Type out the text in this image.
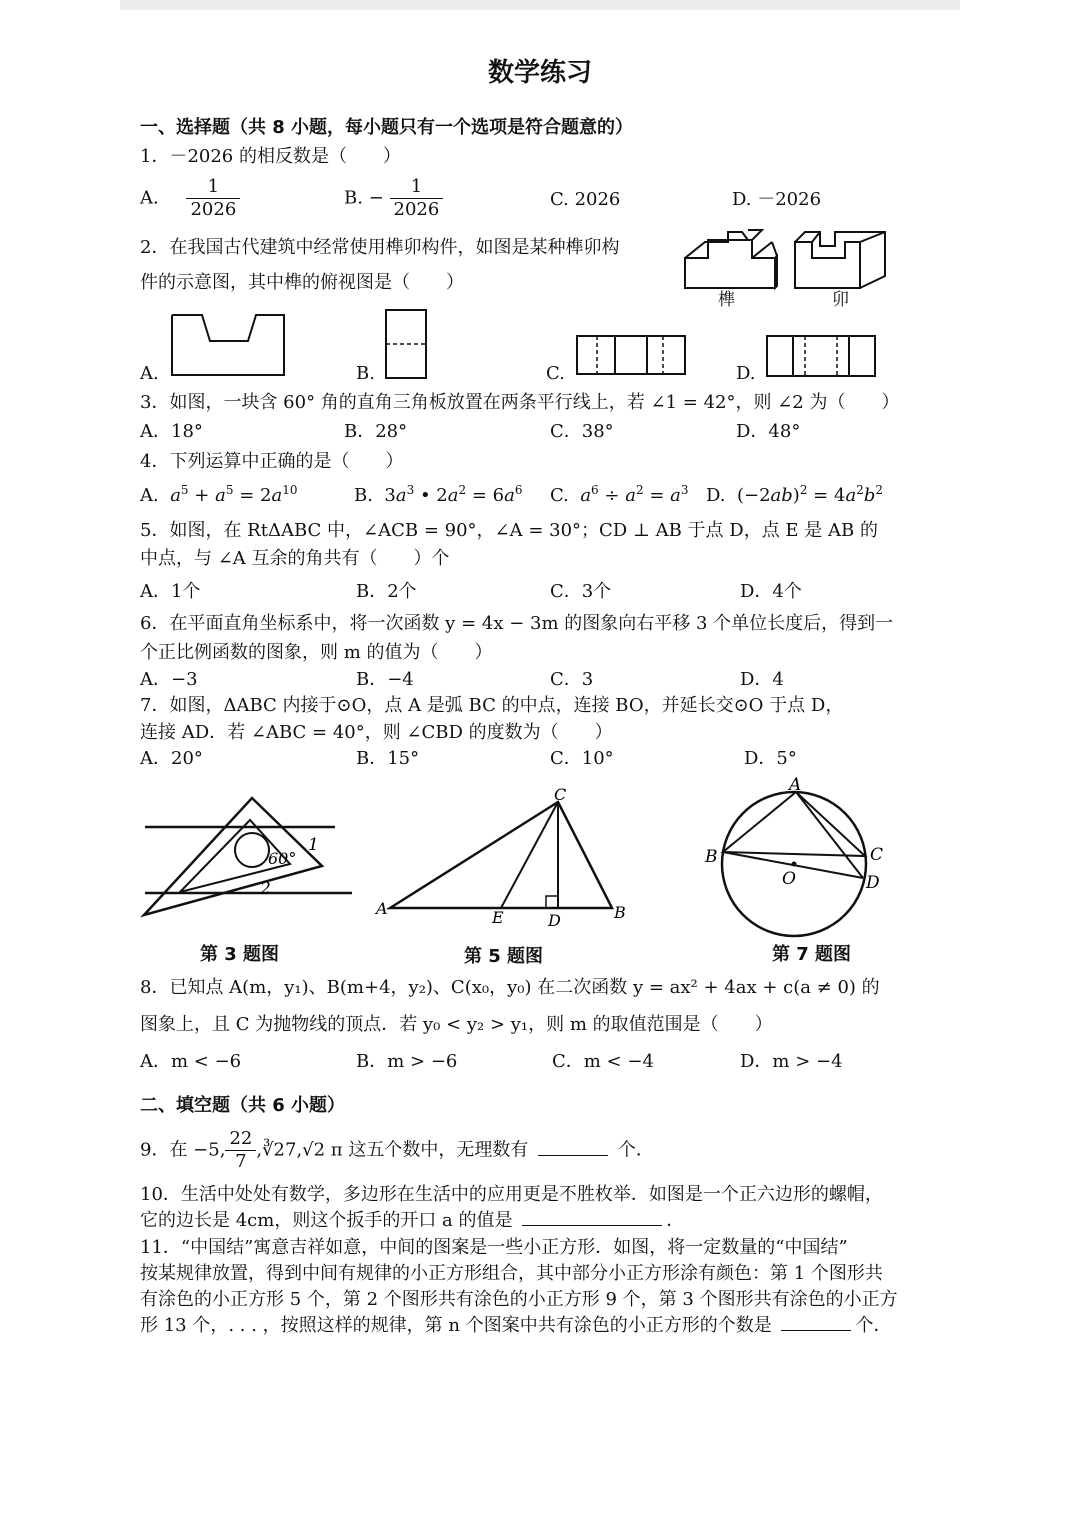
数学练习
一、选择题（共 8 小题，每小题只有一个选项是符合题意的）
1．－2026 的相反数是（　　）
A. $\frac{1}{2026}$	B. − $\frac{1}{2026}$	C. 2026	D. －2026
2．在我国古代建筑中经常使用榫卯构件，如图是某种榫卯构
件的示意图，其中榫的俯视图是（　　）
榫	卯
A.	B.	C.	D.
3．如图，一块含 60° 角的直角三角板放置在两条平行线上，若 ∠1 = 42°，则 ∠2 为（　　）
A．18°	B．28°	C．38°	D．48°
4．下列运算中正确的是（　　）
A. $a^5 + a^5 = 2a^{10}$	B.  $3a^3$ • $2a^2 = 6a^6$ C. $a^6 \div a^2 = a^3$ D.  $(-2ab)^2 = 4a^2b^2$
5．如图，在 RtΔABC 中，∠ACB = 90°，∠A = 30°；CD ⊥ AB 于点 D，点 E 是 AB 的
中点，与 ∠A 互余的角共有（　　）个
A．1个	B．2个	C．3个	D．4个
6．在平面直角坐标系中，将一次函数 y = 4x − 3m 的图象向右平移 3 个单位长度后，得到一
个正比例函数的图象，则 m 的值为（　　）
A．−3	B．−4	C．3	D．4
7．如图，ΔABC 内接于⊙O，点 A 是弧 BC 的中点，连接 BO，并延长交⊙O 于点 D，
连接 AD．若 ∠ABC = 40°，则 ∠CBD 的度数为（　　）
A．20°	B．15°	C．10°	D．5°
60°
1
2
第 3 题图
A	B
C
D
E
第 5 题图
A
B	C
D
O
第 7 题图
8．已知点 A(m，y₁)、B(m+4，y₂)、C(x₀，y₀) 在二次函数 y = ax² + 4ax + c(a ≠ 0) 的
图象上，且 C 为抛物线的顶点．若 y₀ < y₂ > y₁，则 m 的取值范围是（　　）
A．m < −6	B．m > −6	C．m < −4	D．m > −4
二、填空题（共 6 小题）
9．在 −5, $\frac{22}{7}$ ,∛27,√2 π 这五个数中，无理数有	个．
10．生活中处处有数学，多边形在生活中的应用更是不胜枚举．如图是一个正六边形的螺帽，
它的边长是 4cm，则这个扳手的开口 a 的值是	．
11．“中国结”寓意吉祥如意，中间的图案是一些小正方形．如图，将一定数量的“中国结”
按某规律放置，得到中间有规律的小正方形组合，其中部分小正方形涂有颜色：第 1 个图形共
有涂色的小正方形 5 个，第 2 个图形共有涂色的小正方形 9 个，第 3 个图形共有涂色的小正方
形 13 个，. . . ，按照这样的规律，第 n 个图案中共有涂色的小正方形的个数是	个．
